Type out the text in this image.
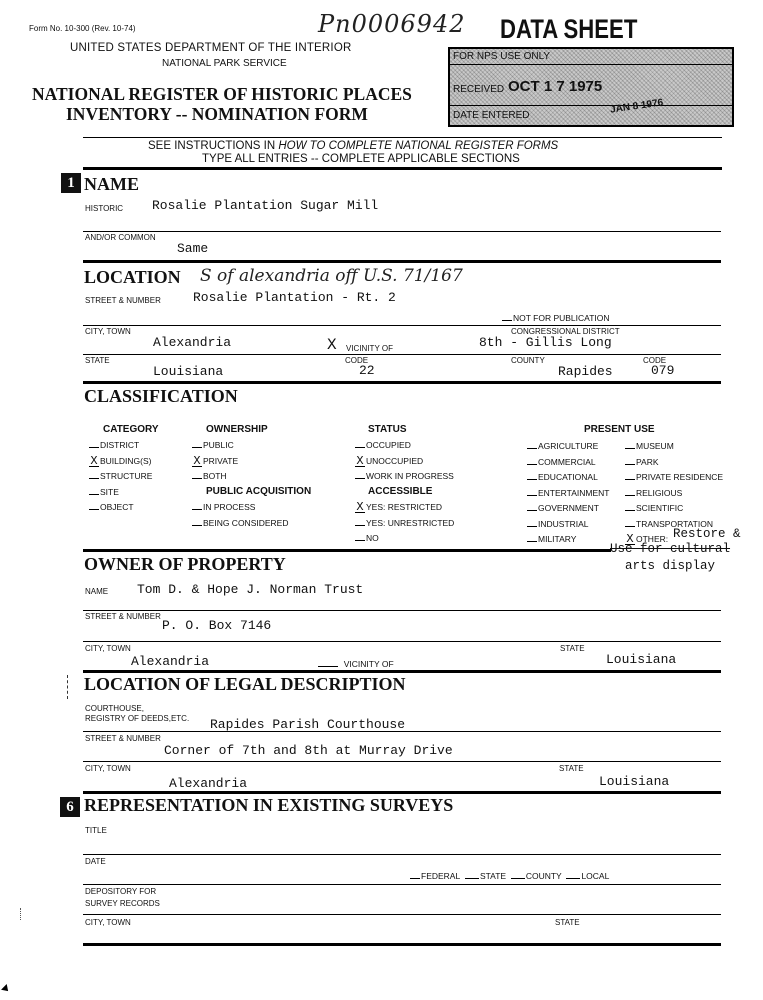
Form No. 10-300 (Rev. 10-74)	Pn0006942 DATA SHEET
UNITED STATES DEPARTMENT OF THE INTERIOR
NATIONAL PARK SERVICE
NATIONAL REGISTER OF HISTORIC PLACES
INVENTORY -- NOMINATION FORM
FOR NPS USE ONLY
RECEIVED OCT 1 7 1975
DATE ENTERED	JAN 8 1976
SEE INSTRUCTIONS IN HOW TO COMPLETE NATIONAL REGISTER FORMS
TYPE ALL ENTRIES -- COMPLETE APPLICABLE SECTIONS
1 NAME
HISTORIC Rosalie Plantation Sugar Mill
AND/OR COMMON
Same
LOCATION S of alexandria off U.S. 71/167
STREET & NUMBER Rosalie Plantation - Rt. 2
NOT FOR PUBLICATION
CITY, TOWN	CONGRESSIONAL DISTRICT
Alexandria	X VICINITY OF	8th - Gillis Long
STATE	CODE	COUNTY	CODE
Louisiana	22	Rapides	079
CLASSIFICATION
CATEGORY	OWNERSHIP	STATUS	PRESENT USE
PUBLIC ACQUISITION	ACCESSIBLE
DISTRICT
X BUILDING(S)
STRUCTURE
SITE
OBJECT
PUBLIC
X PRIVATE
BOTH
IN PROCESS
BEING CONSIDERED
OCCUPIED
X UNOCCUPIED
WORK IN PROGRESS
X YES: RESTRICTED
YES: UNRESTRICTED
NO
AGRICULTURE
COMMERCIAL
EDUCATIONAL
ENTERTAINMENT
GOVERNMENT
INDUSTRIAL
MILITARY
MUSEUM
PARK
PRIVATE RESIDENCE
RELIGIOUS
SCIENTIFIC
TRANSPORTATION
X OTHER: Restore &
Use for cultural
arts display
OWNER OF PROPERTY
NAME Tom D. & Hope J. Norman Trust
STREET & NUMBER
P. O. Box 7146
CITY, TOWN	STATE
Alexandria	VICINITY OF	Louisiana
LOCATION OF LEGAL DESCRIPTION
COURTHOUSE,
REGISTRY OF DEEDS,ETC. Rapides Parish Courthouse
STREET & NUMBER
Corner of 7th and 8th at Murray Drive
CITY, TOWN	STATE
Alexandria	Louisiana
6 REPRESENTATION IN EXISTING SURVEYS
TITLE
DATE
FEDERAL STATE COUNTY LOCAL
DEPOSITORY FOR
SURVEY RECORDS
CITY, TOWN	STATE
